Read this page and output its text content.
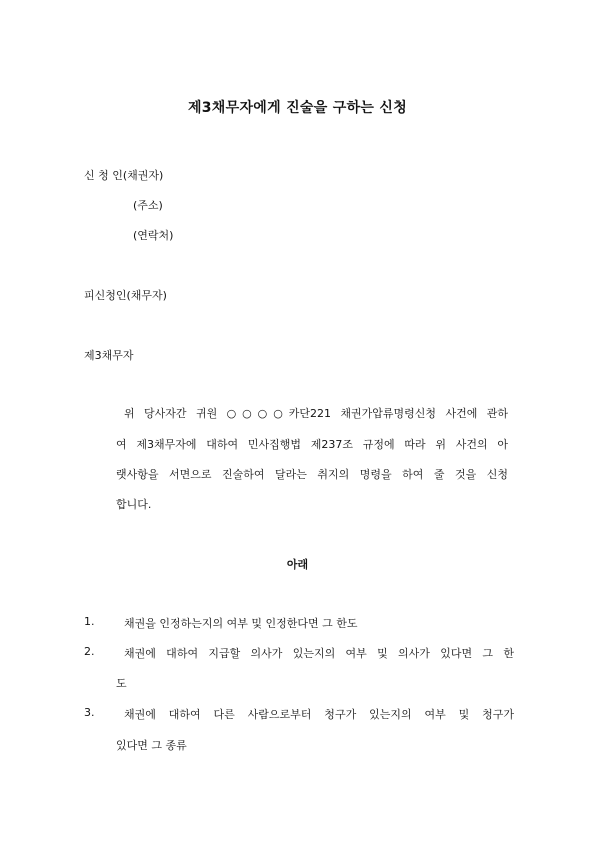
제3채무자에게 진술을 구하는 신청
신 청 인(채권자)
(주소)
(연락처)
피신청인(채무자)
제3채무자
위 당사자간 귀원 ○○○○카단221 채권가압류명령신청 사건에 관하
여 제3채무자에 대하여 민사집행법 제237조 규정에 따라 위 사건의 아
랫사항을 서면으로 진술하여 달라는 취지의 명령을 하여 줄 것을 신청
합니다.
아래
1.	채권을 인정하는지의 여부 및 인정한다면 그 한도
2.	채권에 대하여 지급할 의사가 있는지의 여부 및 의사가 있다면 그 한
도
3.	채권에 대하여 다른 사람으로부터 청구가 있는지의 여부 및 청구가
있다면 그 종류
